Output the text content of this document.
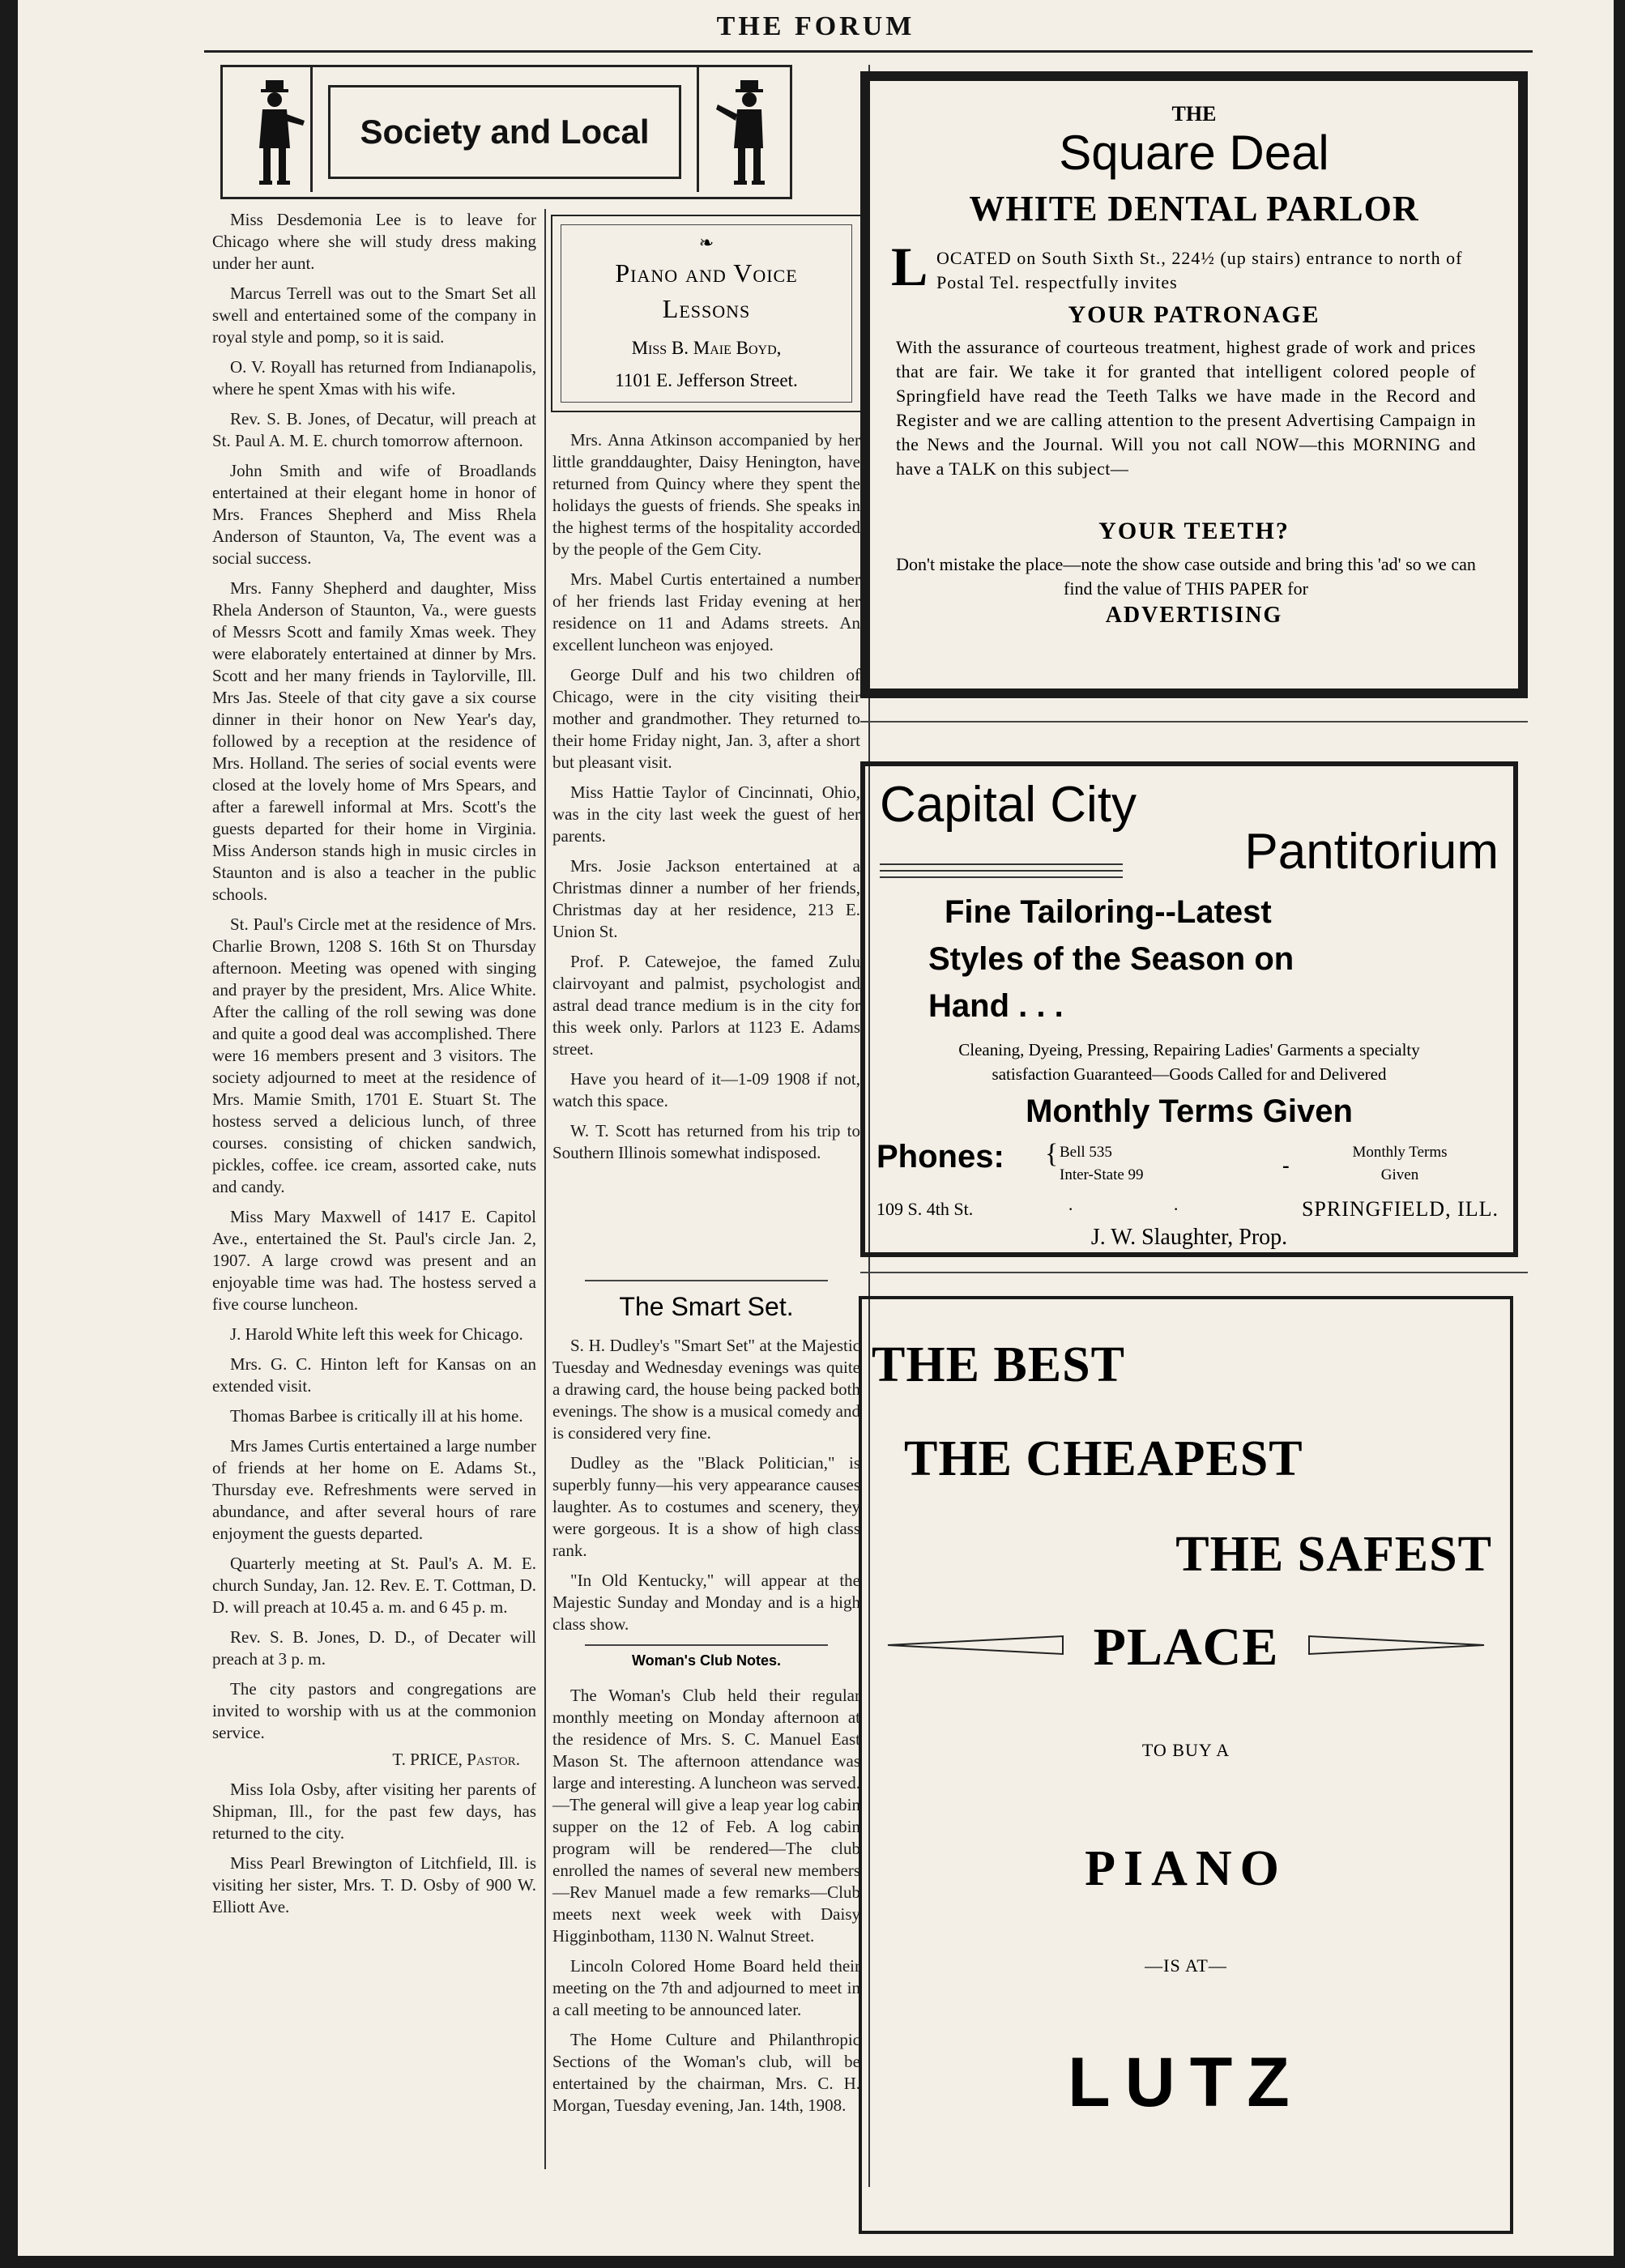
THE FORUM
Society and Local

Miss Desdemonia Lee is to leave for Chicago where she will study dress making under her aunt.

Marcus Terrell was out to the Smart Set all swell and entertained some of the company in royal style and pomp, so it is said.

O. V. Royall has returned from Indianapolis, where he spent Xmas with his wife.

Rev. S. B. Jones, of Decatur, will preach at St. Paul A. M. E. church tomorrow afternoon.

John Smith and wife of Broadlands entertained at their elegant home in honor of Mrs. Frances Shepherd and Miss Rhela Anderson of Staunton, Va, The event was a social success.

Mrs. Fanny Shepherd and daughter, Miss Rhela Anderson of Staunton, Va., were guests of Messrs Scott and family Xmas week. They were elaborately entertained at dinner by Mrs. Scott and her many friends in Taylorville, Ill. Mrs Jas. Steele of that city gave a six course dinner in their honor on New Year's day, followed by a reception at the residence of Mrs. Holland. The series of social events were closed at the lovely home of Mrs Spears, and after a farewell informal at Mrs. Scott's the guests departed for their home in Virginia. Miss Anderson stands high in music circles in Staunton and is also a teacher in the public schools.

St. Paul's Circle met at the residence of Mrs. Charlie Brown, 1208 S. 16th St on Thursday afternoon. Meeting was opened with singing and prayer by the president, Mrs. Alice White. After the calling of the roll sewing was done and quite a good deal was accomplished. There were 16 members present and 3 visitors. The society adjourned to meet at the residence of Mrs. Mamie Smith, 1701 E. Stuart St. The hostess served a delicious lunch, of three courses. consisting of chicken sandwich, pickles, coffee. ice cream, assorted cake, nuts and candy.

Miss Mary Maxwell of 1417 E. Capitol Ave., entertained the St. Paul's circle Jan. 2, 1907. A large crowd was present and an enjoyable time was had. The hostess served a five course luncheon.

J. Harold White left this week for Chicago.

Mrs. G. C. Hinton left for Kansas on an extended visit.

Thomas Barbee is critically ill at his home.

Mrs James Curtis entertained a large number of friends at her home on E. Adams St., Thursday eve. Refreshments were served in abundance, and after several hours of rare enjoyment the guests departed.

Quarterly meeting at St. Paul's A. M. E. church Sunday, Jan. 12. Rev. E. T. Cottman, D. D. will preach at 10.45 a. m. and 6 45 p. m.

Rev. S. B. Jones, D. D., of Decater will preach at 3 p. m.

The city pastors and congregations are invited to worship with us at the commonion service.

T. PRICE, Pastor.

Miss Iola Osby, after visiting her parents of Shipman, Ill., for the past few days, has returned to the city.

Miss Pearl Brewington of Litchfield, Ill. is visiting her sister, Mrs. T. D. Osby of 900 W. Elliott Ave.

❧
Piano and Voice Lessons
Miss B. Maie Boyd,
1101 E. Jefferson Street.

Mrs. Anna Atkinson accompanied by her little granddaughter, Daisy Henington, have returned from Quincy where they spent the holidays the guests of friends. She speaks in the highest terms of the hospitality accorded by the people of the Gem City.

Mrs. Mabel Curtis entertained a number of her friends last Friday evening at her residence on 11 and Adams streets. An excellent luncheon was enjoyed.

George Dulf and his two children of Chicago, were in the city visiting their mother and grandmother. They returned to their home Friday night, Jan. 3, after a short but pleasant visit.

Miss Hattie Taylor of Cincinnati, Ohio, was in the city last week the guest of her parents.

Mrs. Josie Jackson entertained at a Christmas dinner a number of her friends, Christmas day at her residence, 213 E. Union St.

Prof. P. Catewejoe, the famed Zulu clairvoyant and palmist, psychologist and astral dead trance medium is in the city for this week only. Parlors at 1123 E. Adams street.

Have you heard of it—1-09 1908 if not, watch this space.

W. T. Scott has returned from his trip to Southern Illinois somewhat indisposed.

The Smart Set.

S. H. Dudley's "Smart Set" at the Majestic Tuesday and Wednesday evenings was quite a drawing card, the house being packed both evenings. The show is a musical comedy and is considered very fine.

Dudley as the "Black Politician," is superbly funny—his very appearance causes laughter. As to costumes and scenery, they were gorgeous. It is a show of high class rank.

"In Old Kentucky," will appear at the Majestic Sunday and Monday and is a high class show.

Woman's Club Notes.

The Woman's Club held their regular monthly meeting on Monday afternoon at the residence of Mrs. S. C. Manuel East Mason St. The afternoon attendance was large and interesting. A luncheon was served.—The general will give a leap year log cabin supper on the 12 of Feb. A log cabin program will be rendered—The club enrolled the names of several new members—Rev Manuel made a few remarks—Club meets next week week with Daisy Higginbotham, 1130 N. Walnut Street.

Lincoln Colored Home Board held their meeting on the 7th and adjourned to meet in a call meeting to be announced later.

The Home Culture and Philanthropic Sections of the Woman's club, will be entertained by the chairman, Mrs. C. H. Morgan, Tuesday evening, Jan. 14th, 1908.

THE
Square Deal
WHITE DENTAL PARLOR
L OCATED on South Sixth St., 224½ (up stairs) entrance to north of Postal Tel. respectfully invites
YOUR PATRONAGE
With the assurance of courteous treatment, highest grade of work and prices that are fair. We take it for granted that intelligent colored people of Springfield have read the Teeth Talks we have made in the Record and Register and we are calling attention to the present Advertising Campaign in the News and the Journal. Will you not call NOW—this MORNING and have a TALK on this subject—
YOUR TEETH?
Don't mistake the place—note the show case outside and bring this 'ad' so we can find the value of THIS PAPER for
ADVERTISING
Capital City
Pantitorium
Fine Tailoring--Latest
Styles of the Season on
Hand . . .
Cleaning, Dyeing, Pressing, Repairing Ladies' Garments a specialty
satisfaction Guaranteed—Goods Called for and Delivered
Monthly Terms Given
Phones: { Bell 535
Inter-State 99	-
Monthly Terms
Given
109 S. 4th St.	·	·	SPRINGFIELD, ILL.
J. W. Slaughter, Prop.
THE BEST
THE CHEAPEST
THE SAFEST
PLACE
TO BUY A
PIANO
—IS AT—
LUTZ
